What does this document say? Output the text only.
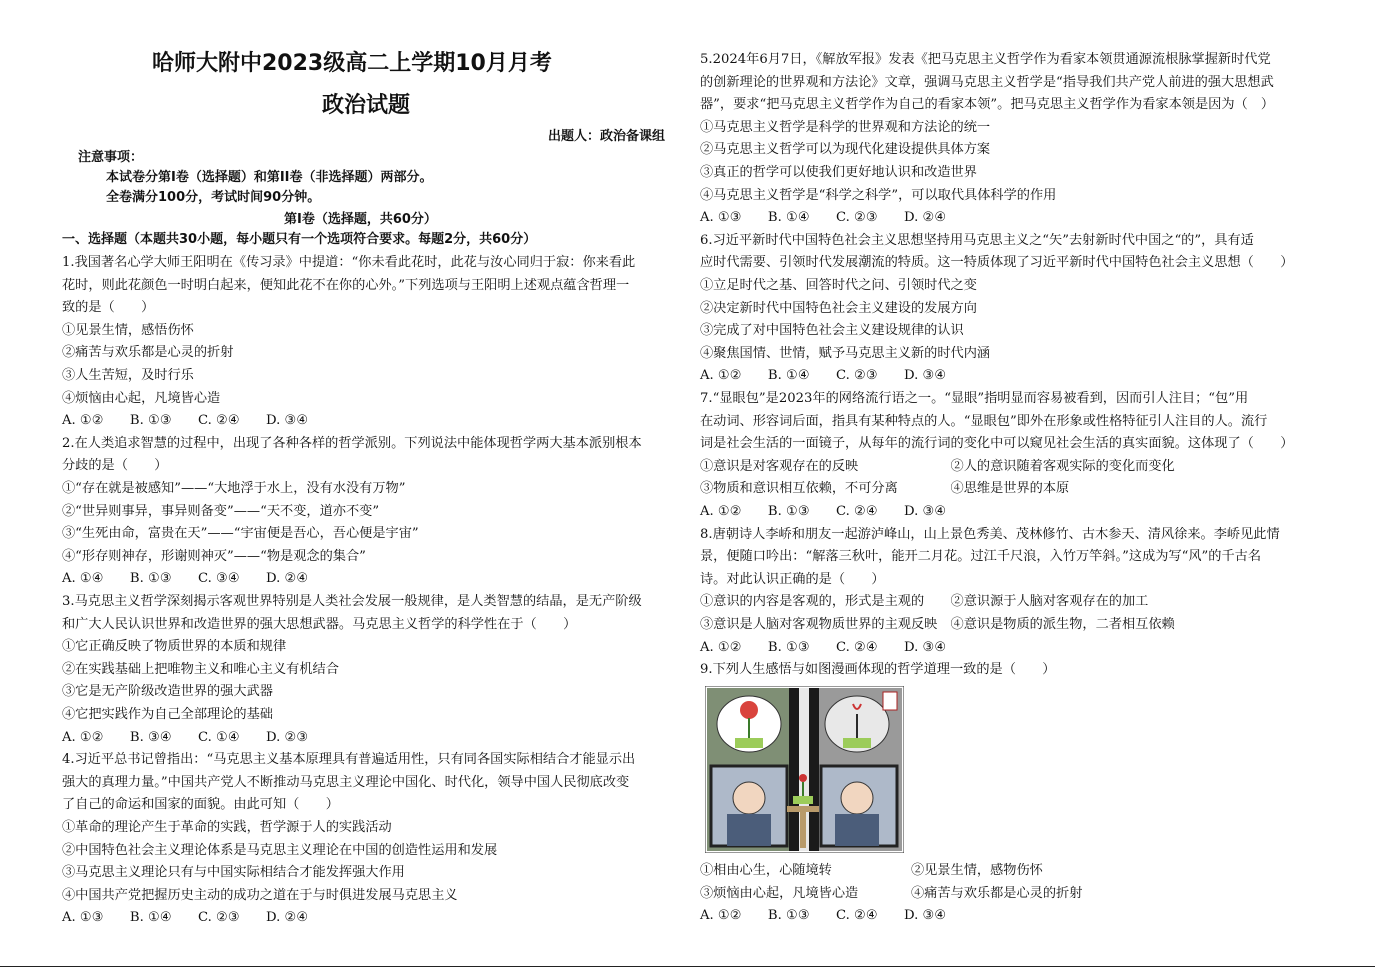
哈师大附中2023级高二上学期10月月考
政治试题
出题人：政治备课组
注意事项：
本试卷分第I卷（选择题）和第II卷（非选择题）两部分。
全卷满分100分，考试时间90分钟。
第I卷（选择题，共60分）
一、选择题（本题共30小题，每小题只有一个选项符合要求。每题2分，共60分）
1.我国著名心学大师王阳明在《传习录》中提道：“你未看此花时，此花与汝心同归于寂：你来看此
花时，则此花颜色一时明白起来，便知此花不在你的心外。”下列选项与王阳明上述观点蕴含哲理一
致的是（　　）
①见景生情，感悟伤怀
②痛苦与欢乐都是心灵的折射
③人生苦短，及时行乐
④烦恼由心起，凡境皆心造
A. ①②　　B. ①③　　C. ②④　　D. ③④
2.在人类追求智慧的过程中，出现了各种各样的哲学派别。下列说法中能体现哲学两大基本派别根本
分歧的是（　　）
①“存在就是被感知”——“大地浮于水上，没有水没有万物”
②“世异则事异，事异则备变”——“天不变，道亦不变”
③“生死由命，富贵在天”——“宇宙便是吾心，吾心便是宇宙”
④“形存则神存，形谢则神灭”——“物是观念的集合”
A. ①④　　B. ①③　　C. ③④　　D. ②④
3.马克思主义哲学深刻揭示客观世界特别是人类社会发展一般规律，是人类智慧的结晶，是无产阶级
和广大人民认识世界和改造世界的强大思想武器。马克思主义哲学的科学性在于（　　）
①它正确反映了物质世界的本质和规律
②在实践基础上把唯物主义和唯心主义有机结合
③它是无产阶级改造世界的强大武器
④它把实践作为自己全部理论的基础
A. ①②　　B. ③④　　C. ①④　　D. ②③
4.习近平总书记曾指出：“马克思主义基本原理具有普遍适用性，只有同各国实际相结合才能显示出
强大的真理力量。”中国共产党人不断推动马克思主义理论中国化、时代化，领导中国人民彻底改变
了自己的命运和国家的面貌。由此可知（　　）
①革命的理论产生于革命的实践，哲学源于人的实践活动
②中国特色社会主义理论体系是马克思主义理论在中国的创造性运用和发展
③马克思主义理论只有与中国实际相结合才能发挥强大作用
④中国共产党把握历史主动的成功之道在于与时俱进发展马克思主义
A. ①③　　B. ①④　　C. ②③　　D. ②④
5.2024年6月7日，《解放军报》发表《把马克思主义哲学作为看家本领贯通源流根脉掌握新时代党
的创新理论的世界观和方法论》文章，强调马克思主义哲学是“指导我们共产党人前进的强大思想武
器”，要求“把马克思主义哲学作为自己的看家本领”。把马克思主义哲学作为看家本领是因为（　）
①马克思主义哲学是科学的世界观和方法论的统一
②马克思主义哲学可以为现代化建设提供具体方案
③真正的哲学可以使我们更好地认识和改造世界
④马克思主义哲学是“科学之科学”，可以取代具体科学的作用
A. ①③　　B. ①④　　C. ②③　　D. ②④
6.习近平新时代中国特色社会主义思想坚持用马克思主义之“矢”去射新时代中国之“的”，具有适
应时代需要、引领时代发展潮流的特质。这一特质体现了习近平新时代中国特色社会主义思想（　　）
①立足时代之基、回答时代之问、引领时代之变
②决定新时代中国特色社会主义建设的发展方向
③完成了对中国特色社会主义建设规律的认识
④聚焦国情、世情，赋予马克思主义新的时代内涵
A. ①②　　B. ①④　　C. ②③　　D. ③④
7.“显眼包”是2023年的网络流行语之一。“显眼”指明显而容易被看到，因而引人注目；“包”用
在动词、形容词后面，指具有某种特点的人。“显眼包”即外在形象或性格特征引人注目的人。流行
词是社会生活的一面镜子，从每年的流行词的变化中可以窥见社会生活的真实面貌。这体现了（　　）
①意识是对客观存在的反映　　　　　　　②人的意识随着客观实际的变化而变化
③物质和意识相互依赖，不可分离　　　　④思维是世界的本原
A. ①②　　B. ①③　　C. ②④　　D. ③④
8.唐朝诗人李峤和朋友一起游泸峰山，山上景色秀美、茂林修竹、古木参天、清风徐来。李峤见此情
景，便随口吟出：“解落三秋叶，能开二月花。过江千尺浪，入竹万竿斜。”这成为写“风”的千古名
诗。对此认识正确的是（　　）
①意识的内容是客观的，形式是主观的　　②意识源于人脑对客观存在的加工
③意识是人脑对客观物质世界的主观反映　④意识是物质的派生物，二者相互依赖
A. ①②　　B. ①③　　C. ②④　　D. ③④
9.下列人生感悟与如图漫画体现的哲学道理一致的是（　　）
①相由心生，心随境转　　　　　　②见景生情，感物伤怀
③烦恼由心起，凡境皆心造　　　　④痛苦与欢乐都是心灵的折射
A. ①②　　B. ①③　　C. ②④　　D. ③④
